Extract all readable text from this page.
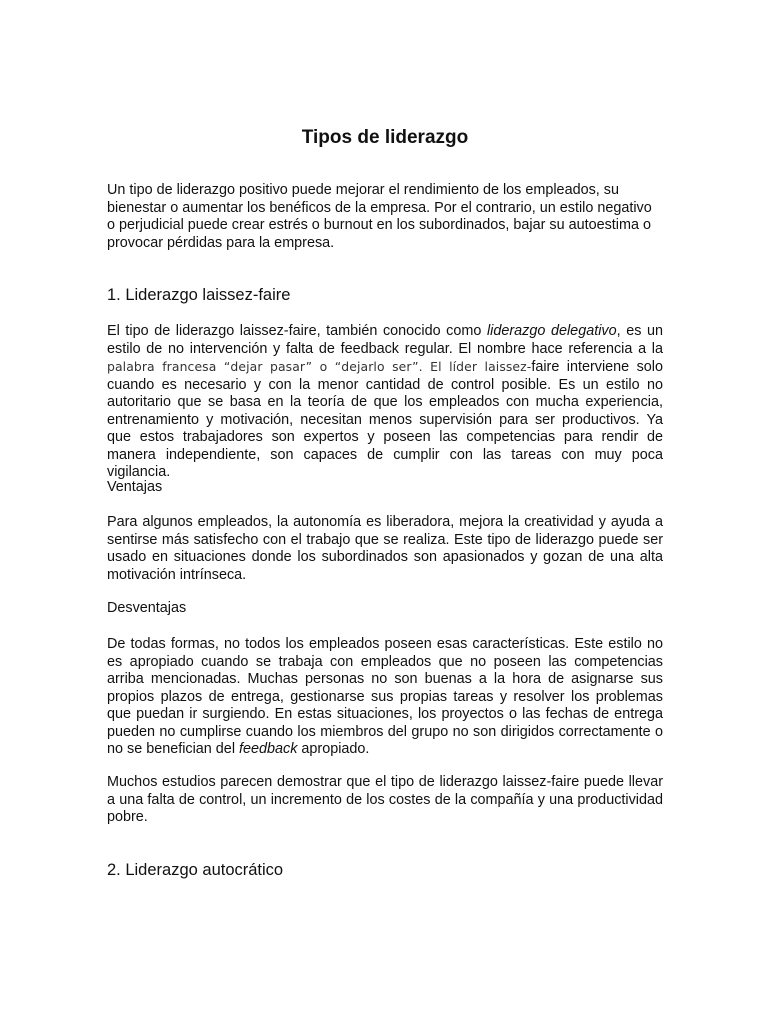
Tipos de liderazgo

Un tipo de liderazgo positivo puede mejorar el rendimiento de los empleados, su bienestar o aumentar los benéficos de la empresa. Por el contrario, un estilo negativo o perjudicial puede crear estrés o burnout en los subordinados, bajar su autoestima o provocar pérdidas para la empresa.

1. Liderazgo laissez-faire

El tipo de liderazgo laissez-faire, también conocido como liderazgo delegativo, es un estilo de no intervención y falta de feedback regular. El nombre hace referencia a la palabra francesa “dejar pasar” o “dejarlo ser”. El líder laissez-faire interviene solo cuando es necesario y con la menor cantidad de control posible. Es un estilo no autoritario que se basa en la teoría de que los empleados con mucha experiencia, entrenamiento y motivación, necesitan menos supervisión para ser productivos. Ya que estos trabajadores son expertos y poseen las competencias para rendir de manera independiente, son capaces de cumplir con las tareas con muy poca vigilancia.

Ventajas

Para algunos empleados, la autonomía es liberadora, mejora la creatividad y ayuda a sentirse más satisfecho con el trabajo que se realiza. Este tipo de liderazgo puede ser usado en situaciones donde los subordinados son apasionados y gozan de una alta motivación intrínseca.

Desventajas

De todas formas, no todos los empleados poseen esas características. Este estilo no es apropiado cuando se trabaja con empleados que no poseen las competencias arriba mencionadas. Muchas personas no son buenas a la hora de asignarse sus propios plazos de entrega, gestionarse sus propias tareas y resolver los problemas que puedan ir surgiendo. En estas situaciones, los proyectos o las fechas de entrega pueden no cumplirse cuando los miembros del grupo no son dirigidos correctamente o no se benefician del feedback apropiado.

Muchos estudios parecen demostrar que el tipo de liderazgo laissez-faire puede llevar a una falta de control, un incremento de los costes de la compañía y una productividad pobre.

2. Liderazgo autocrático
